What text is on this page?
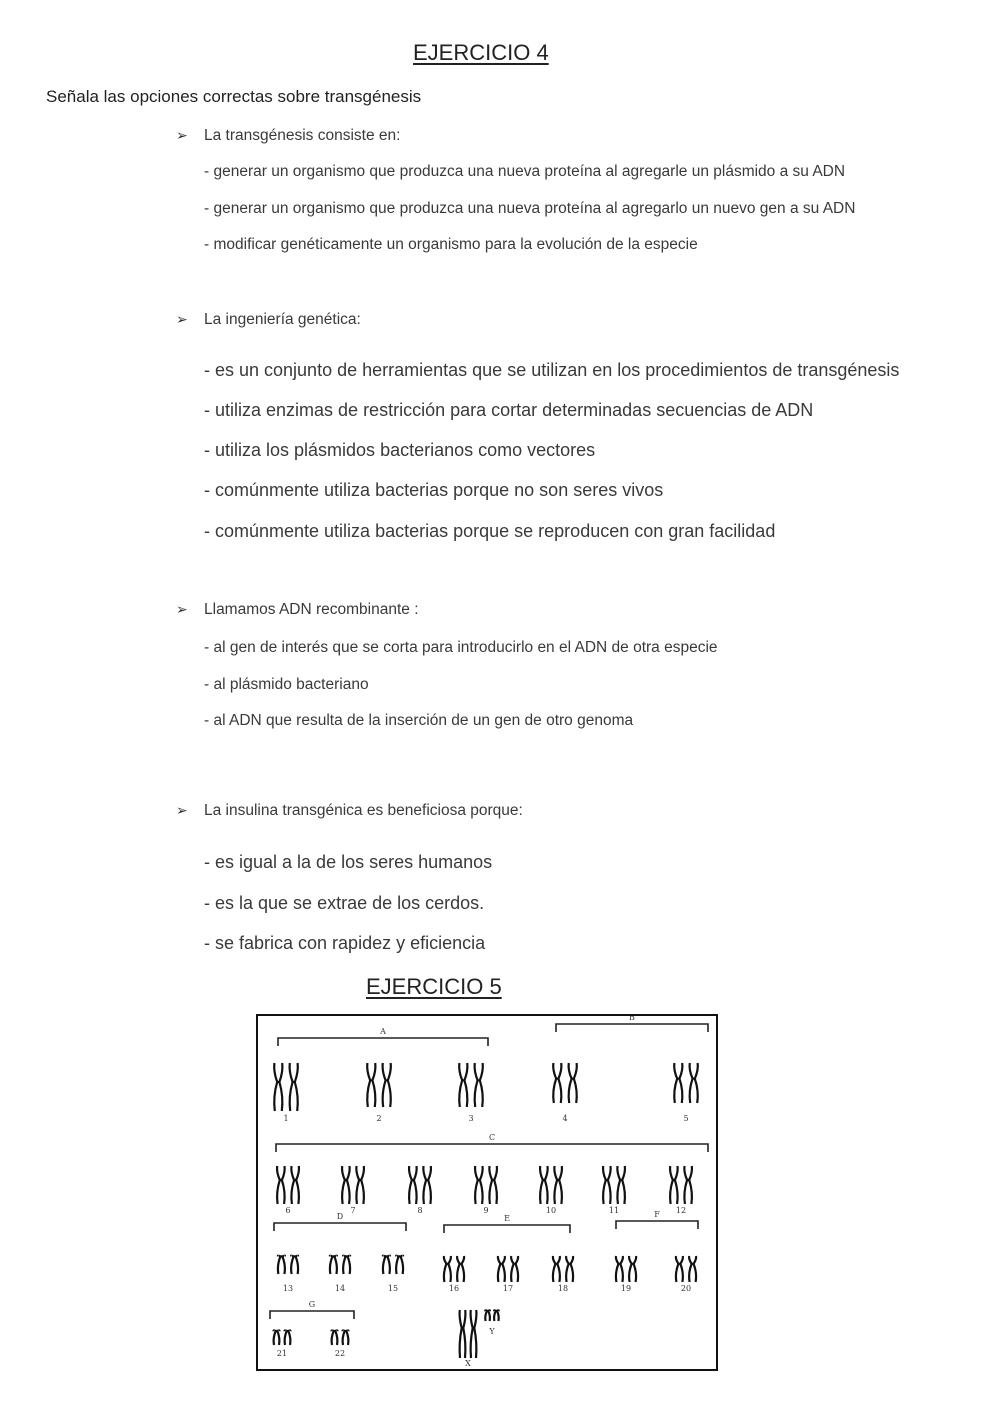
EJERCICIO 4
Señala las opciones correctas sobre transgénesis
➢ La transgénesis consiste en:
- generar un organismo que produzca una nueva proteína al agregarle un plásmido a su ADN
- generar un organismo que produzca una nueva proteína al agregarlo un nuevo gen a su ADN
- modificar genéticamente un organismo para la evolución de la especie
➢ La ingeniería genética:
- es un conjunto de herramientas que se utilizan en los procedimientos de transgénesis
- utiliza enzimas de restricción para cortar determinadas secuencias de ADN
- utiliza los plásmidos bacterianos como vectores
- comúnmente utiliza bacterias porque no son seres vivos
- comúnmente utiliza bacterias porque se reproducen con gran facilidad
➢ Llamamos ADN recombinante :
- al gen de interés que se corta para introducirlo en el ADN de otra especie
- al plásmido bacteriano
- al ADN que resulta de la inserción de un gen de otro genoma
➢ La insulina transgénica es beneficiosa porque:
- es igual a la de los seres humanos
- es la que se extrae de los cerdos.
- se fabrica con rapidez y eficiencia
EJERCICIO 5
A
B
1	2	3	4	5
C
6	7	8	9	10	11	12
D	E	F
13	14	15	16	17	18	19	20
G
21	22
X
Y
